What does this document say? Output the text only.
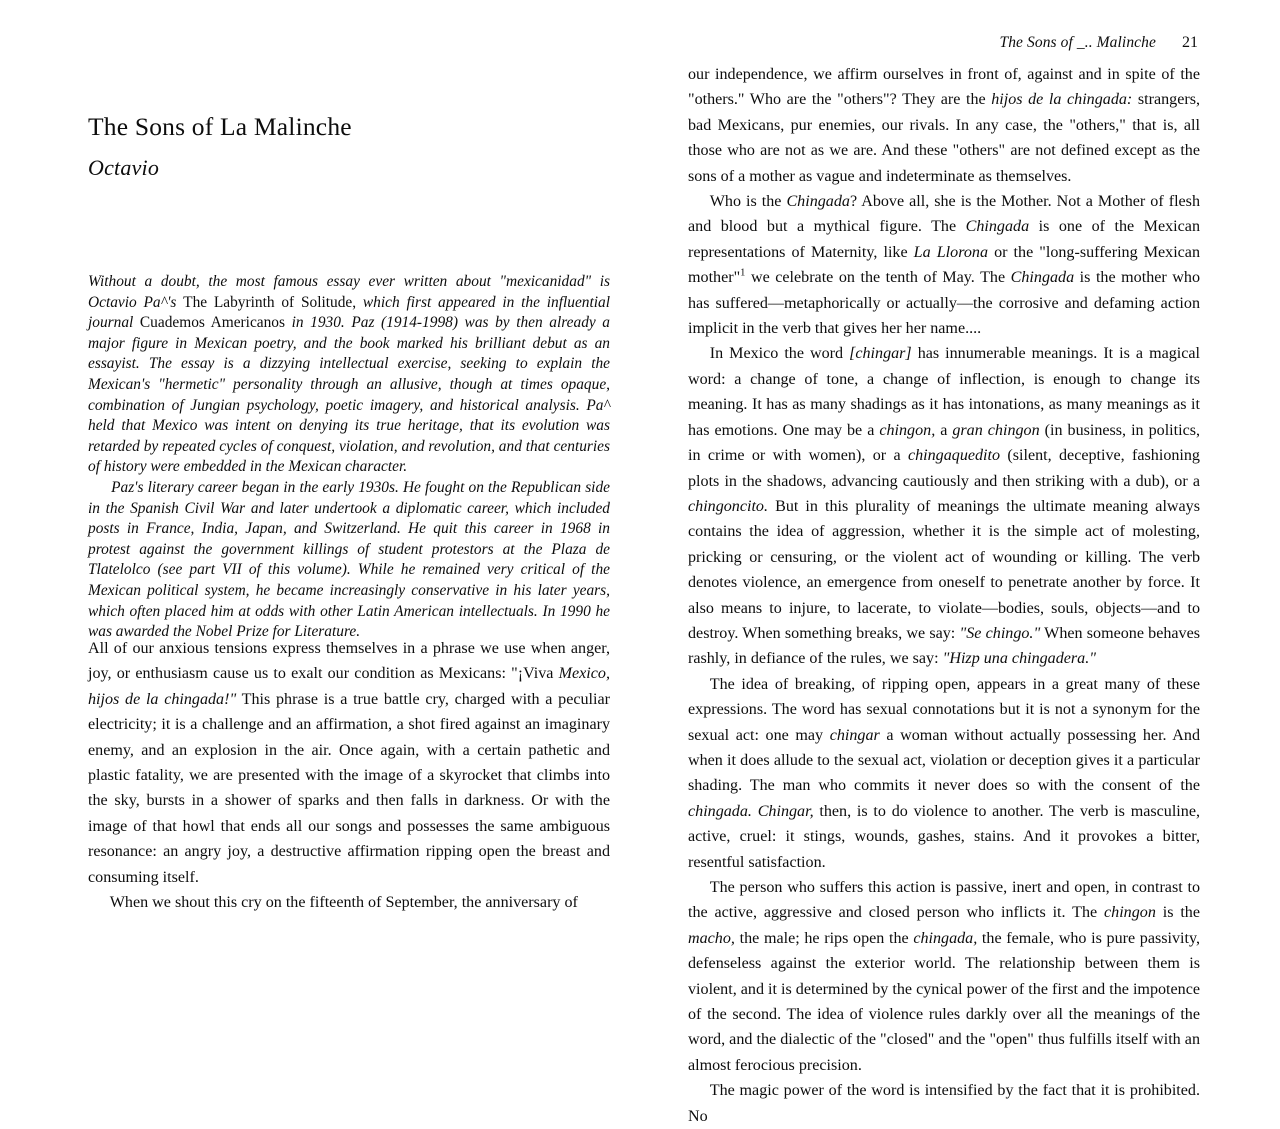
The Sons of _.. Malinche 21
The Sons of La Malinche

Octavio

Without a doubt, the most famous essay ever written about "mexicanidad" is Octavio Pa^'s The Labyrinth of Solitude, which first appeared in the influential journal Cuademos Americanos in 1930. Paz (1914-1998) was by then already a major figure in Mexican poetry, and the book marked his brilliant debut as an essayist. The essay is a dizzying intellectual exercise, seeking to explain the Mexican's "hermetic" personality through an allusive, though at times opaque, combination of Jungian psychology, poetic imagery, and historical analysis. Pa^ held that Mexico was intent on denying its true heritage, that its evolution was retarded by repeated cycles of conquest, violation, and revolution, and that centuries of history were embedded in the Mexican character.

Paz's literary career began in the early 1930s. He fought on the Republican side in the Spanish Civil War and later undertook a diplomatic career, which included posts in France, India, Japan, and Switzerland. He quit this career in 1968 in protest against the government killings of student protestors at the Plaza de Tlatelolco (see part VII of this volume). While he remained very critical of the Mexican political system, he became increasingly conservative in his later years, which often placed him at odds with other Latin American intellectuals. In 1990 he was awarded the Nobel Prize for Literature.

All of our anxious tensions express themselves in a phrase we use when anger, joy, or enthusiasm cause us to exalt our condition as Mexicans: "¡Viva Mexico, hijos de la chingada!" This phrase is a true battle cry, charged with a peculiar electricity; it is a challenge and an affirmation, a shot fired against an imaginary enemy, and an explosion in the air. Once again, with a certain pathetic and plastic fatality, we are presented with the image of a skyrocket that climbs into the sky, bursts in a shower of sparks and then falls in darkness. Or with the image of that howl that ends all our songs and possesses the same ambiguous resonance: an angry joy, a destructive affirmation ripping open the breast and consuming itself.

When we shout this cry on the fifteenth of September, the anniversary of

our independence, we affirm ourselves in front of, against and in spite of the "others." Who are the "others"? They are the hijos de la chingada: strangers, bad Mexicans, pur enemies, our rivals. In any case, the "others," that is, all those who are not as we are. And these "others" are not defined except as the sons of a mother as vague and indeterminate as themselves.

Who is the Chingada? Above all, she is the Mother. Not a Mother of flesh and blood but a mythical figure. The Chingada is one of the Mexican representations of Maternity, like La Llorona or the "long-suffering Mexican mother"$^1$ we celebrate on the tenth of May. The Chingada is the mother who has suffered—metaphorically or actually—the corrosive and defaming action implicit in the verb that gives her her name....

In Mexico the word [chingar] has innumerable meanings. It is a magical word: a change of tone, a change of inflection, is enough to change its meaning. It has as many shadings as it has intonations, as many meanings as it has emotions. One may be a chingon, a gran chingon (in business, in politics, in crime or with women), or a chingaquedito (silent, deceptive, fashioning plots in the shadows, advancing cautiously and then striking with a dub), or a chingoncito. But in this plurality of meanings the ultimate meaning always contains the idea of aggression, whether it is the simple act of molesting, pricking or censuring, or the violent act of wounding or killing. The verb denotes violence, an emergence from oneself to penetrate another by force. It also means to injure, to lacerate, to violate—bodies, souls, objects—and to destroy. When something breaks, we say: "Se chingo." When someone behaves rashly, in defiance of the rules, we say: "Hizp una chingadera."

The idea of breaking, of ripping open, appears in a great many of these expressions. The word has sexual connotations but it is not a synonym for the sexual act: one may chingar a woman without actually possessing her. And when it does allude to the sexual act, violation or deception gives it a particular shading. The man who commits it never does so with the consent of the chingada. Chingar, then, is to do violence to another. The verb is masculine, active, cruel: it stings, wounds, gashes, stains. And it provokes a bitter, resentful satisfaction.

The person who suffers this action is passive, inert and open, in contrast to the active, aggressive and closed person who inflicts it. The chingon is the macho, the male; he rips open the chingada, the female, who is pure passivity, defenseless against the exterior world. The relationship between them is violent, and it is determined by the cynical power of the first and the impotence of the second. The idea of violence rules darkly over all the meanings of the word, and the dialectic of the "closed" and the "open" thus fulfills itself with an almost ferocious precision.

The magic power of the word is intensified by the fact that it is prohibited. No
